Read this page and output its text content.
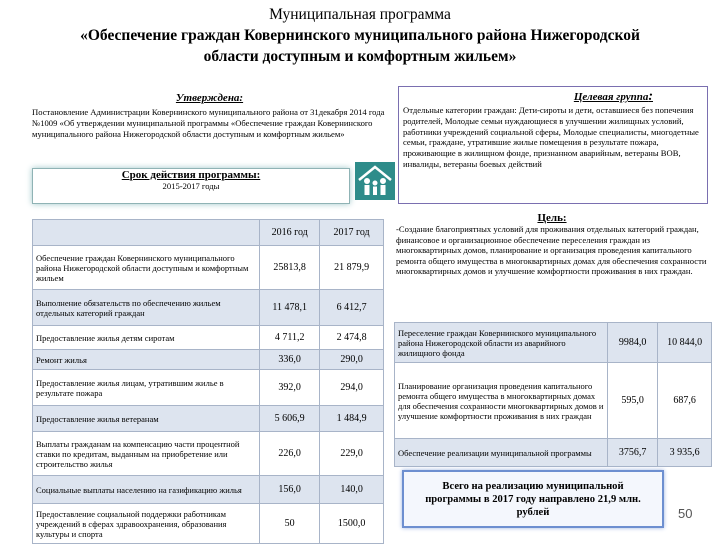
Муниципальная программа
«Обеспечение граждан Ковернинского муниципального района Нижегородской
области доступным и комфортным жильем»
Утверждена:
Постановление Администрации Ковернинского муниципального района от 31декабря 2014 года №1009 «Об утверждении муниципальной программы «Обеспечение граждан Ковернинского муниципального района Нижегородской области доступным и комфортным жильем»
Целевая группа:
Отдельные категории граждан: Дети-сироты и дети, оставшиеся без попечения родителей, Молодые семьи нуждающиеся в улучшении жилищных условий, работники учреждений социальной сферы, Молодые специалисты, многодетные семьи, граждане, утратившие жилые помещения в результате пожара, проживающие в жилищном фонде, признанном аварийным, ветераны ВОВ, инвалиды, ветераны боевых действий
Срок действия программы:
2015-2017 годы
Цель:
-Создание благоприятных условий для проживания отдельных категорий граждан, финансовое и организационное обеспечение переселения граждан из многоквартирных домов, планирование и организация проведения капитального ремонта общего имущества в многоквартирных домах для обеспечения сохранности многоквартирных домов и улучшение комфортности проживания в них граждан.
	2016 год	2017 год
Обеспечение граждан Ковернинского муниципального района Нижегородской области доступным и комфортным жильем	25813,8	21 879,9
Выполнение обязательств по обеспечению жильем отдельных категорий граждан	11 478,1	6 412,7
Предоставление жилья детям сиротам	4 711,2	2 474,8
Ремонт жилья	336,0	290,0
Предоставление жилья лицам, утратившим жилье в результате пожара	392,0	294,0
Предоставление жилья ветеранам	5 606,9	1 484,9
Выплаты гражданам на компенсацию части процентной ставки по кредитам, выданным на приобретение или строительство жилья	226,0	229,0
Социальные выплаты населению на газификацию жилья	156,0	140,0
Предоставление социальной поддержки работникам учреждений в сферах здравоохранения, образования культуры и спорта	50	1500,0
Переселение граждан Ковернинского муниципального района Нижегородской области из аварийного жилищного фонда	9984,0	10 844,0
Планирование организация проведения капитального ремонта общего имущества в многоквартирных домах для обеспечения сохранности многоквартирных домов и улучшение комфортности проживания в них граждан	595,0	687,6
Обеспечение реализации муниципальной программы	3756,7	3 935,6
Всего на реализацию муниципальной программы в 2017 году направлено 21,9 млн. рублей	50
